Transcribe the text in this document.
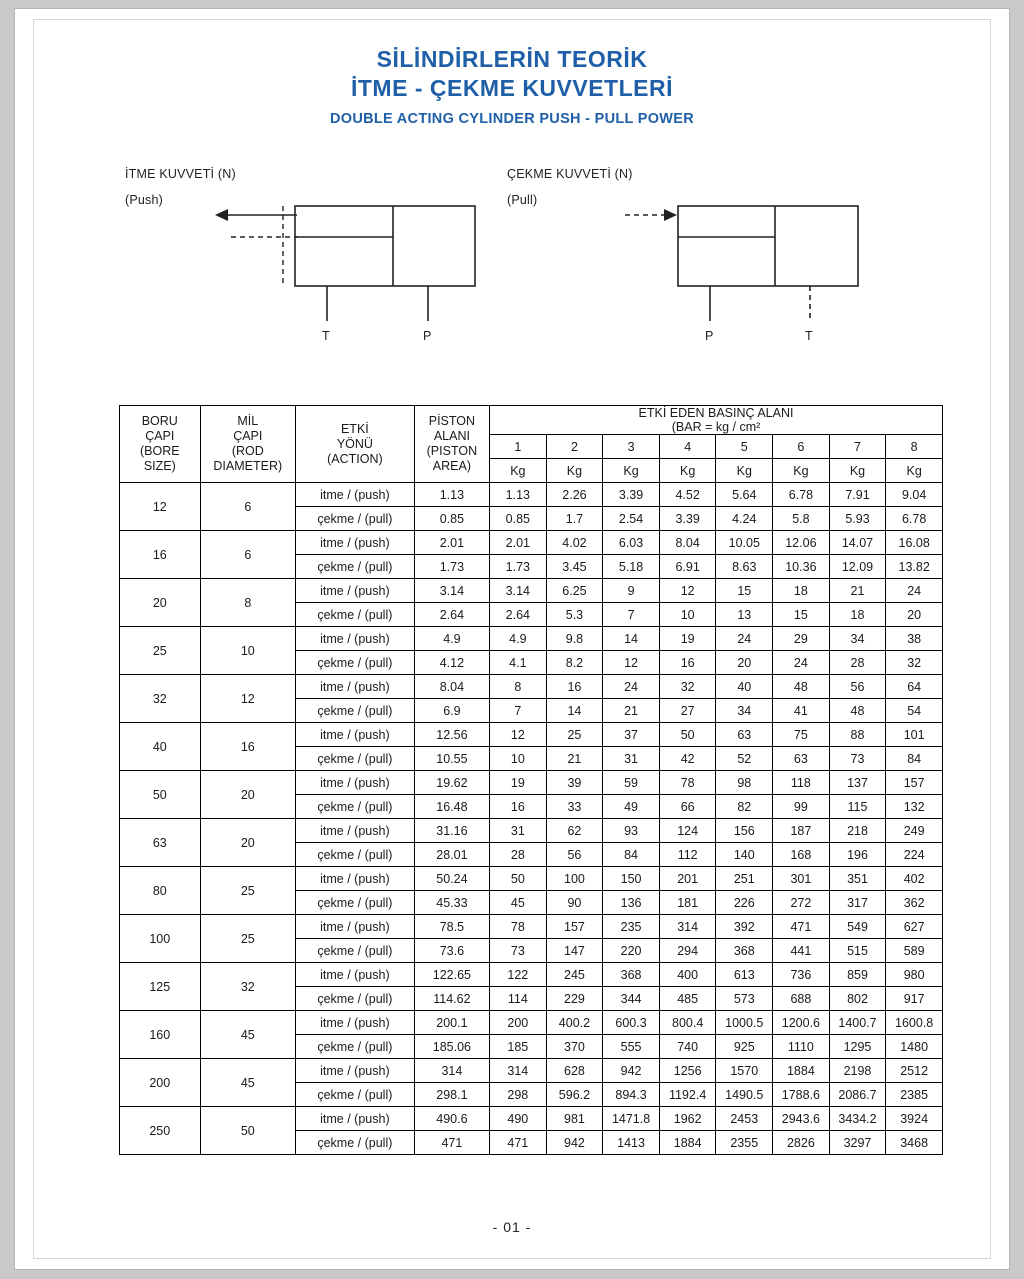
SİLİNDİRLERİN TEORİK
İTME - ÇEKME KUVVETLERİ
DOUBLE ACTING CYLINDER PUSH - PULL POWER
İTME KUVVETİ (N)
(Push)
ÇEKME KUVVETİ (N)
(Pull)
T	P	P	T
BORU
ÇAPI
(BORE
SIZE)

MİL
ÇAPI
(ROD
DIAMETER)

ETKİ
YÖNÜ
(ACTION)

PİSTON
ALANI
(PISTON
AREA)

ETKİ EDEN BASINÇ ALANI
(BAR = kg / cm²

				1	2	3	4	5	6	7	8
				Kg	Kg	Kg	Kg	Kg	Kg	Kg	Kg
12	6	itme / (push)	1.13	1.13	2.26	3.39	4.52	5.64	6.78	7.91	9.04
		çekme / (pull)	0.85	0.85	1.7	2.54	3.39	4.24	5.8	5.93	6.78
16	6	itme / (push)	2.01	2.01	4.02	6.03	8.04	10.05	12.06	14.07	16.08
		çekme / (pull)	1.73	1.73	3.45	5.18	6.91	8.63	10.36	12.09	13.82
20	8	itme / (push)	3.14	3.14	6.25	9	12	15	18	21	24
		çekme / (pull)	2.64	2.64	5.3	7	10	13	15	18	20
25	10	itme / (push)	4.9	4.9	9.8	14	19	24	29	34	38
		çekme / (pull)	4.12	4.1	8.2	12	16	20	24	28	32
32	12	itme / (push)	8.04	8	16	24	32	40	48	56	64
		çekme / (pull)	6.9	7	14	21	27	34	41	48	54
40	16	itme / (push)	12.56	12	25	37	50	63	75	88	101
		çekme / (pull)	10.55	10	21	31	42	52	63	73	84
50	20	itme / (push)	19.62	19	39	59	78	98	118	137	157
		çekme / (pull)	16.48	16	33	49	66	82	99	115	132
63	20	itme / (push)	31.16	31	62	93	124	156	187	218	249
		çekme / (pull)	28.01	28	56	84	112	140	168	196	224
80	25	itme / (push)	50.24	50	100	150	201	251	301	351	402
		çekme / (pull)	45.33	45	90	136	181	226	272	317	362
100	25	itme / (push)	78.5	78	157	235	314	392	471	549	627
		çekme / (pull)	73.6	73	147	220	294	368	441	515	589
125	32	itme / (push)	122.65	122	245	368	400	613	736	859	980
		çekme / (pull)	114.62	114	229	344	485	573	688	802	917
160	45	itme / (push)	200.1	200	400.2	600.3	800.4	1000.5	1200.6	1400.7	1600.8
		çekme / (pull)	185.06	185	370	555	740	925	1110	1295	1480
200	45	itme / (push)	314	314	628	942	1256	1570	1884	2198	2512
		çekme / (pull)	298.1	298	596.2	894.3	1192.4	1490.5	1788.6	2086.7	2385
250	50	itme / (push)	490.6	490	981	1471.8	1962	2453	2943.6	3434.2	3924
		çekme / (pull)	471	471	942	1413	1884	2355	2826	3297	3468
- 01 -
